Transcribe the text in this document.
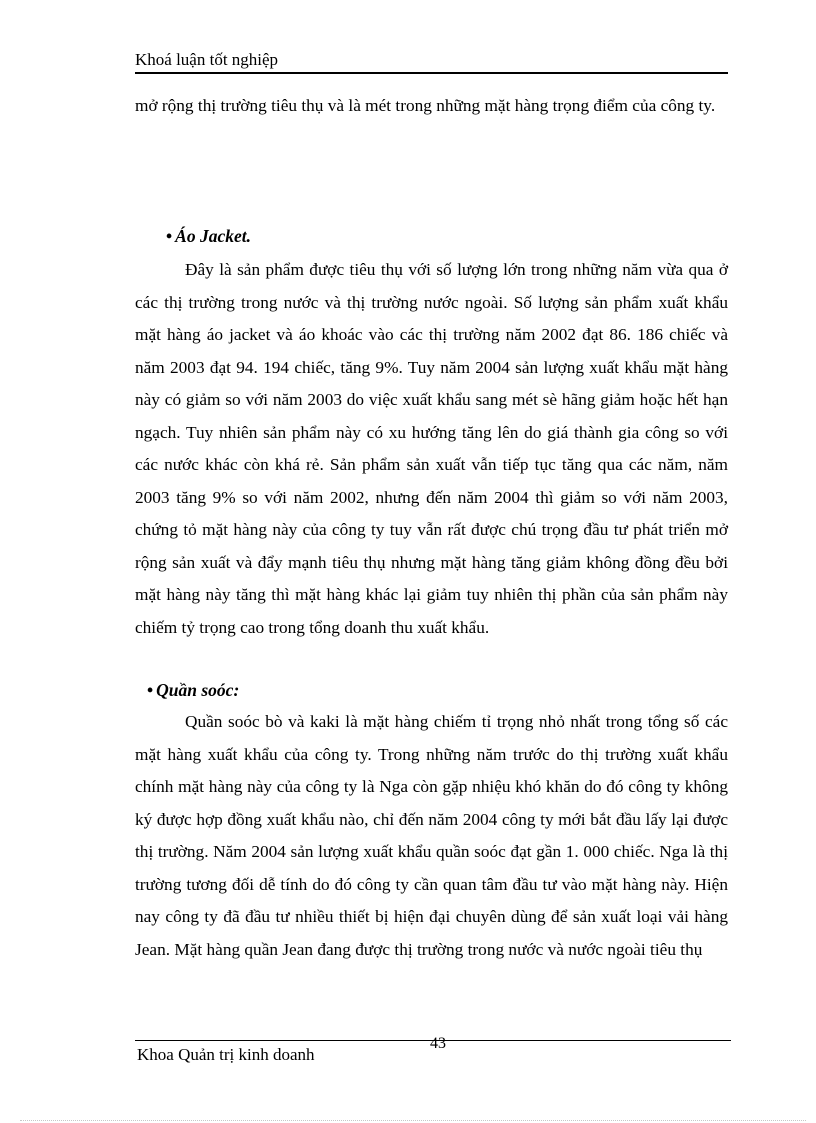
Khoá luận tốt nghiệp
mở rộng thị trường tiêu thụ và là mét trong những mặt hàng trọng điểm của công ty.
• Áo Jacket.
Đây là sản phẩm được tiêu thụ với số lượng lớn trong những năm vừa qua ở các thị trường trong nước và thị trường nước ngoài. Số lượng sản phẩm xuất khẩu mặt hàng áo jacket và áo khoác vào các thị trường năm 2002 đạt 86. 186 chiếc và năm 2003 đạt 94. 194 chiếc, tăng 9%. Tuy năm 2004 sản lượng xuất khẩu mặt hàng này có giảm so với năm 2003 do việc xuất khẩu sang mét sè hãng giảm hoặc hết hạn ngạch. Tuy nhiên sản phẩm này có xu hướng tăng lên do giá thành gia công so với các nước khác còn khá rẻ. Sản phẩm sản xuất vẫn tiếp tục tăng qua các năm, năm 2003 tăng 9% so với năm 2002, nhưng đến năm 2004 thì giảm so với năm 2003, chứng tỏ mặt hàng này của công ty tuy vẫn rất được chú trọng đầu tư phát triển mở rộng sản xuất và đẩy mạnh tiêu thụ nhưng mặt hàng tăng giảm không đồng đều bởi mặt hàng này tăng thì mặt hàng khác lại giảm tuy nhiên thị phần của sản phẩm này chiếm tỷ trọng cao trong tổng doanh thu xuất khẩu.
• Quần soóc:
Quần soóc bò và kaki là mặt hàng chiếm tỉ trọng nhỏ nhất trong tổng số các mặt hàng xuất khẩu của công ty. Trong những năm trước do thị trường xuất khẩu chính mặt hàng này của công ty là Nga còn gặp nhiệu khó khăn do đó công ty không ký được hợp đồng xuất khẩu nào, chỉ đến năm 2004 công ty mới bắt đầu lấy lại được thị trường. Năm 2004 sản lượng xuất khẩu quần soóc đạt gần 1. 000 chiếc. Nga là thị trường tương đối dễ tính do đó công ty cần quan tâm đầu tư vào mặt hàng này. Hiện nay công ty đã đầu tư nhiều thiết bị hiện đại chuyên dùng để sản xuất loại vải hàng Jean. Mặt hàng quần Jean đang được thị trường trong nước và nước ngoài tiêu thụ
Khoa Quản trị kinh doanh
43
